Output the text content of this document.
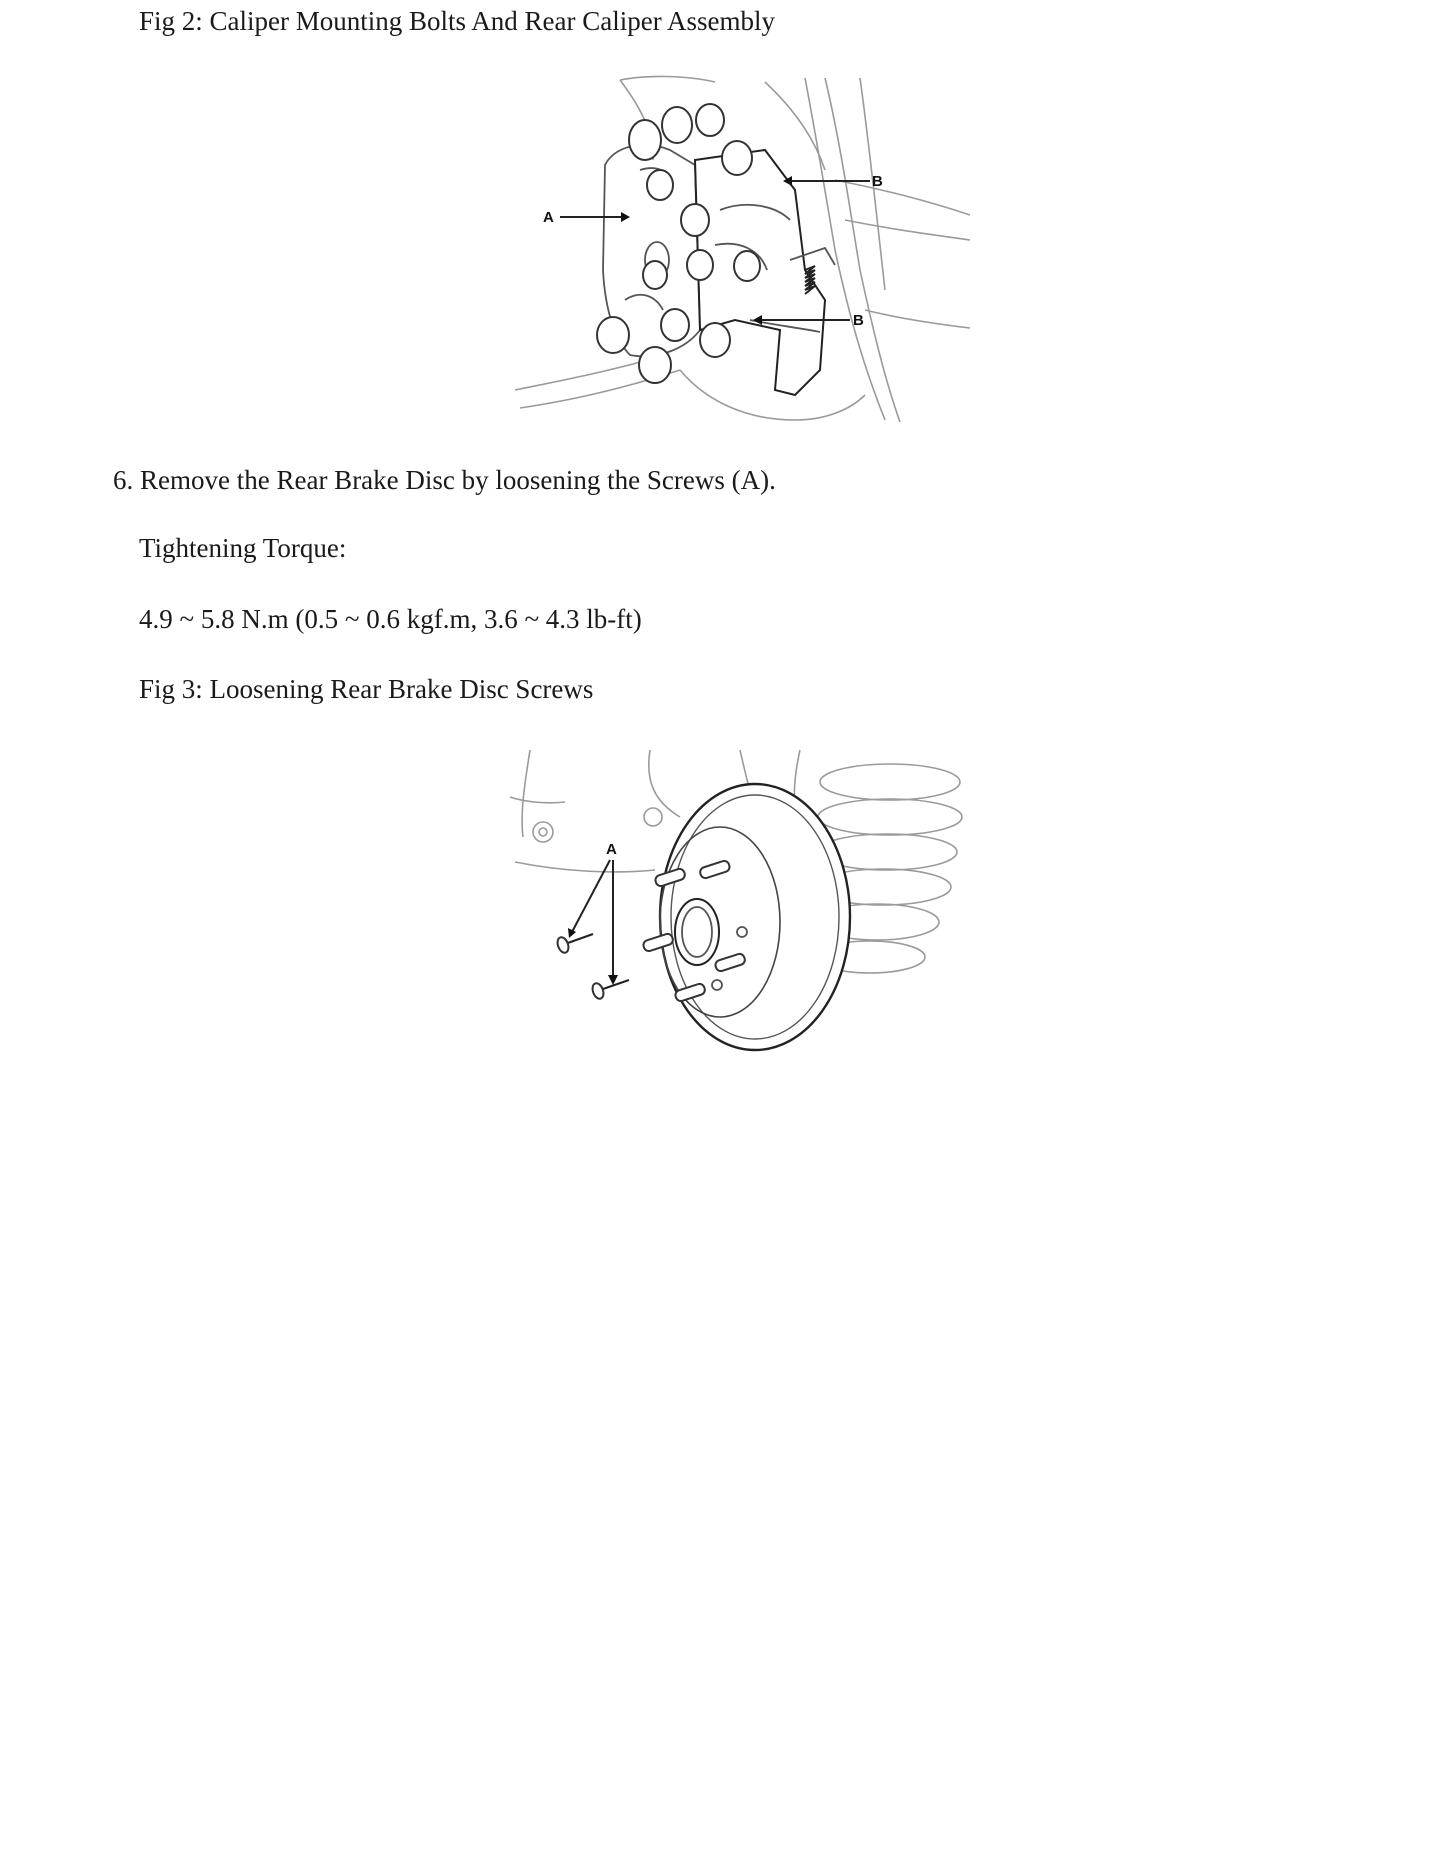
Fig 2: Caliper Mounting Bolts And Rear Caliper Assembly
A
B
B
6. Remove the Rear Brake Disc by loosening the Screws (A).
Tightening Torque:
4.9 ~ 5.8 N.m (0.5 ~ 0.6 kgf.m, 3.6 ~ 4.3 lb-ft)
Fig 3: Loosening Rear Brake Disc Screws
A
